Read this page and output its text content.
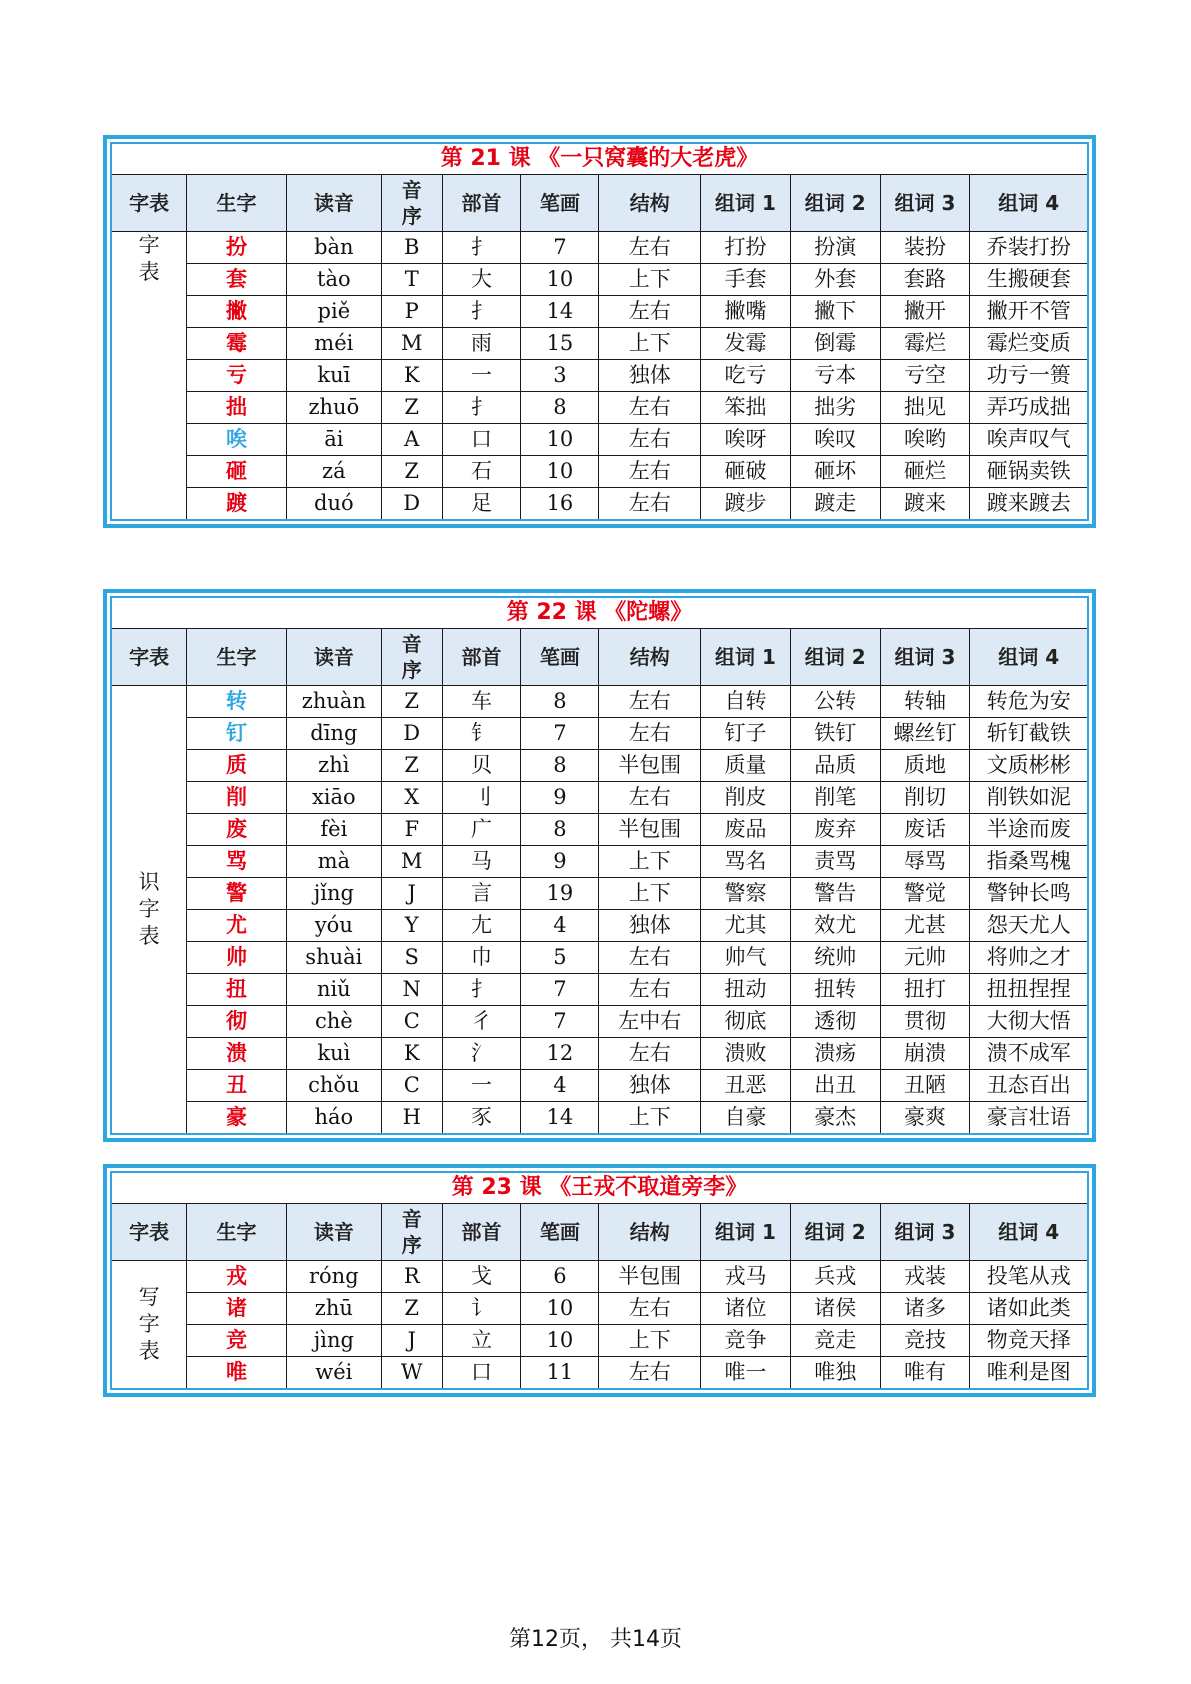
第 21 课 《一只窝囊的大老虎》										
字表	生字	读音	音序	部首	笔画	结构	组词 1	组词 2	组词 3	组词 4
字表	扮	bàn	B	扌	7	左右	打扮	扮演	装扮	乔装打扮
	套	tào	T	大	10	上下	手套	外套	套路	生搬硬套
	撇	piě	P	扌	14	左右	撇嘴	撇下	撇开	撇开不管
	霉	méi	M	雨	15	上下	发霉	倒霉	霉烂	霉烂变质
	亏	kuī	K	一	3	独体	吃亏	亏本	亏空	功亏一篑
	拙	zhuō	Z	扌	8	左右	笨拙	拙劣	拙见	弄巧成拙
	唉	āi	A	口	10	左右	唉呀	唉叹	唉哟	唉声叹气
	砸	zá	Z	石	10	左右	砸破	砸坏	砸烂	砸锅卖铁
	踱	duó	D	足	16	左右	踱步	踱走	踱来	踱来踱去
第 22 课 《陀螺》										
字表	生字	读音	音序	部首	笔画	结构	组词 1	组词 2	组词 3	组词 4
识字表	转	zhuàn	Z	车	8	左右	自转	公转	转轴	转危为安
	钉	dīng	D	钅	7	左右	钉子	铁钉	螺丝钉	斩钉截铁
	质	zhì	Z	贝	8	半包围	质量	品质	质地	文质彬彬
	削	xiāo	X	刂	9	左右	削皮	削笔	削切	削铁如泥
	废	fèi	F	广	8	半包围	废品	废弃	废话	半途而废
	骂	mà	M	马	9	上下	骂名	责骂	辱骂	指桑骂槐
	警	jǐng	J	言	19	上下	警察	警告	警觉	警钟长鸣
	尤	yóu	Y	尢	4	独体	尤其	效尤	尤甚	怨天尤人
	帅	shuài	S	巾	5	左右	帅气	统帅	元帅	将帅之才
	扭	niǔ	N	扌	7	左右	扭动	扭转	扭打	扭扭捏捏
	彻	chè	C	彳	7	左中右	彻底	透彻	贯彻	大彻大悟
	溃	kuì	K	氵	12	左右	溃败	溃疡	崩溃	溃不成军
	丑	chǒu	C	一	4	独体	丑恶	出丑	丑陋	丑态百出
	豪	háo	H	豕	14	上下	自豪	豪杰	豪爽	豪言壮语
第 23 课 《王戎不取道旁李》										
字表	生字	读音	音序	部首	笔画	结构	组词 1	组词 2	组词 3	组词 4
写字表	戎	róng	R	戈	6	半包围	戎马	兵戎	戎装	投笔从戎
	诸	zhū	Z	讠	10	左右	诸位	诸侯	诸多	诸如此类
	竞	jìng	J	立	10	上下	竞争	竞走	竞技	物竞天择
	唯	wéi	W	口	11	左右	唯一	唯独	唯有	唯利是图
第12页， 共14页
